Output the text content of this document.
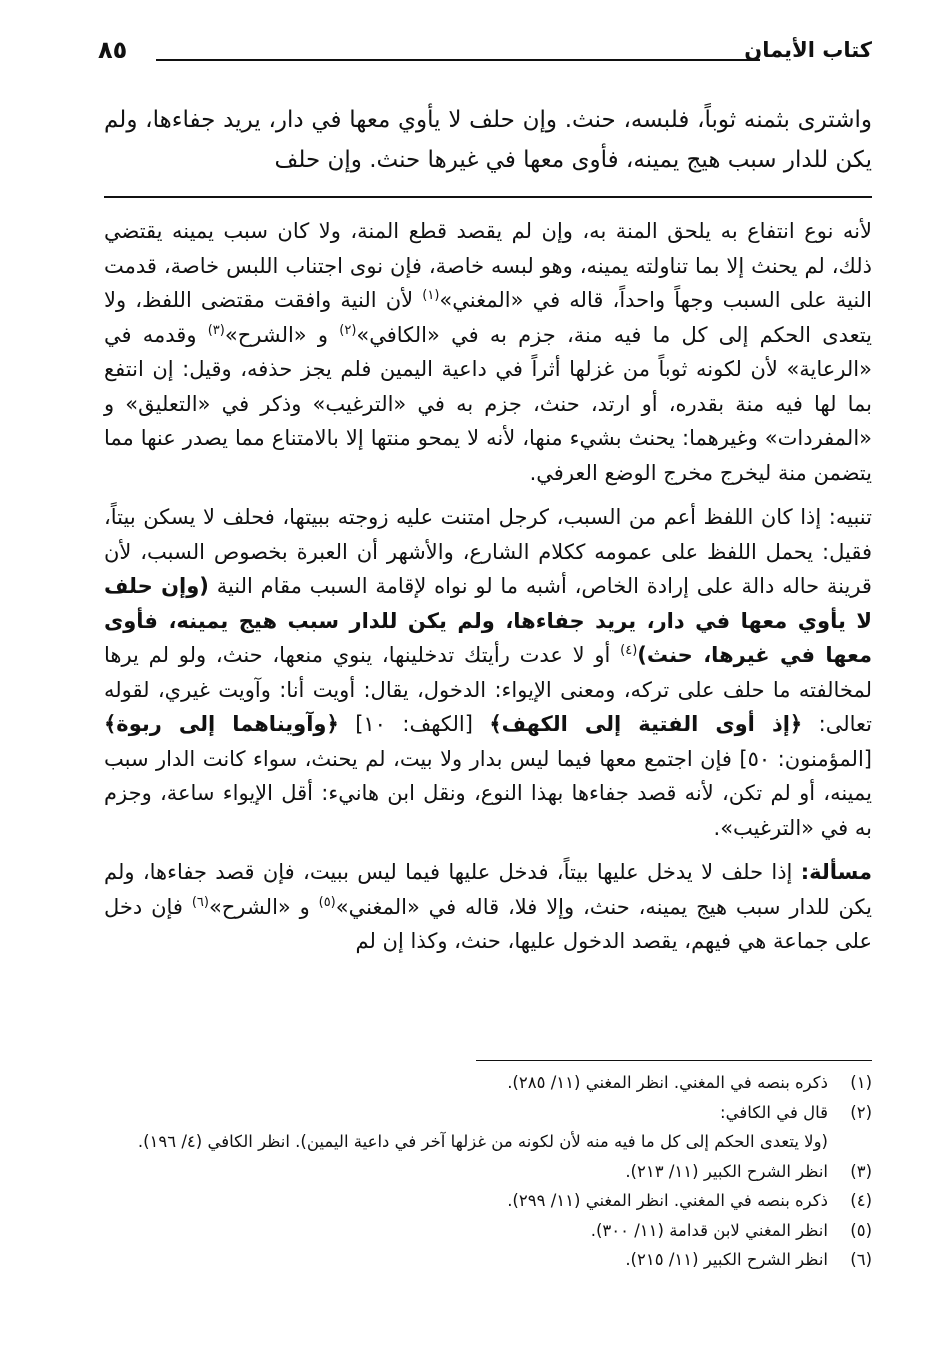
كتاب الأيمان
٨٥

واشترى بثمنه ثوباً، فلبسه، حنث. وإن حلف لا يأوي معها في دار، يريد جفاءها، ولم يكن للدار سبب هيج يمينه، فأوى معها في غيرها حنث. وإن حلف

لأنه نوع انتفاع به يلحق المنة به، وإن لم يقصد قطع المنة، ولا كان سبب يمينه يقتضي ذلك، لم يحنث إلا بما تناولته يمينه، وهو لبسه خاصة، فإن نوى اجتناب اللبس خاصة، قدمت النية على السبب وجهاً واحداً، قاله في «المغني»$^{(١)}$ لأن النية وافقت مقتضى اللفظ، ولا يتعدى الحكم إلى كل ما فيه منة، جزم به في «الكافي»$^{(٢)}$ و «الشرح»$^{(٣)}$ وقدمه في «الرعاية» لأن لكونه ثوباً من غزلها أثراً في داعية اليمين فلم يجز حذفه، وقيل: إن انتفع بما لها فيه منة بقدره، أو ارتد، حنث، جزم به في «الترغيب» وذكر في «التعليق» و «المفردات» وغيرهما: يحنث بشيء منها، لأنه لا يمحو منتها إلا بالامتناع مما يصدر عنها مما يتضمن منة ليخرج مخرج الوضع العرفي.

تنبيه: إذا كان اللفظ أعم من السبب، كرجل امتنت عليه زوجته ببيتها، فحلف لا يسكن بيتاً، فقيل: يحمل اللفظ على عمومه ككلام الشارع، والأشهر أن العبرة بخصوص السبب، لأن قرينة حاله دالة على إرادة الخاص، أشبه ما لو نواه لإقامة السبب مقام النية (وإن حلف لا يأوي معها في دار، يريد جفاءها، ولم يكن للدار سبب هيج يمينه، فأوى معها في غيرها، حنث)$^{(٤)}$ أو لا عدت رأيتك تدخلينها، ينوي منعها، حنث، ولو لم يرها لمخالفته ما حلف على تركه، ومعنى الإيواء: الدخول، يقال: أويت أنا: وآويت غيري، لقوله تعالى: ﴿إذ أوى الفتية إلى الكهف﴾ [الكهف: ١٠] ﴿وآويناهما إلى ربوة﴾ [المؤمنون: ٥٠] فإن اجتمع معها فيما ليس بدار ولا بيت، لم يحنث، سواء كانت الدار سبب يمينه، أو لم تكن، لأنه قصد جفاءها بهذا النوع، ونقل ابن هانيء: أقل الإيواء ساعة، وجزم به في «الترغيب».

مسألة: إذا حلف لا يدخل عليها بيتاً، فدخل عليها فيما ليس ببيت، فإن قصد جفاءها، ولم يكن للدار سبب هيج يمينه، حنث، وإلا فلا، قاله في «المغني»$^{(٥)}$ و «الشرح»$^{(٦)}$ فإن دخل على جماعة هي فيهم، يقصد الدخول عليها، حنث، وكذا إن لم

(١)ذكره بنصه في المغني. انظر المغني (١١/ ٢٨٥).

(٢)قال في الكافي:

(ولا يتعدى الحكم إلى كل ما فيه منه لأن لكونه من غزلها آخر في داعية اليمين). انظر الكافي (٤/ ١٩٦).

(٣)انظر الشرح الكبير (١١/ ٢١٣).

(٤)ذكره بنصه في المغني. انظر المغني (١١/ ٢٩٩).

(٥)انظر المغني لابن قدامة (١١/ ٣٠٠).

(٦)انظر الشرح الكبير (١١/ ٢١٥).
